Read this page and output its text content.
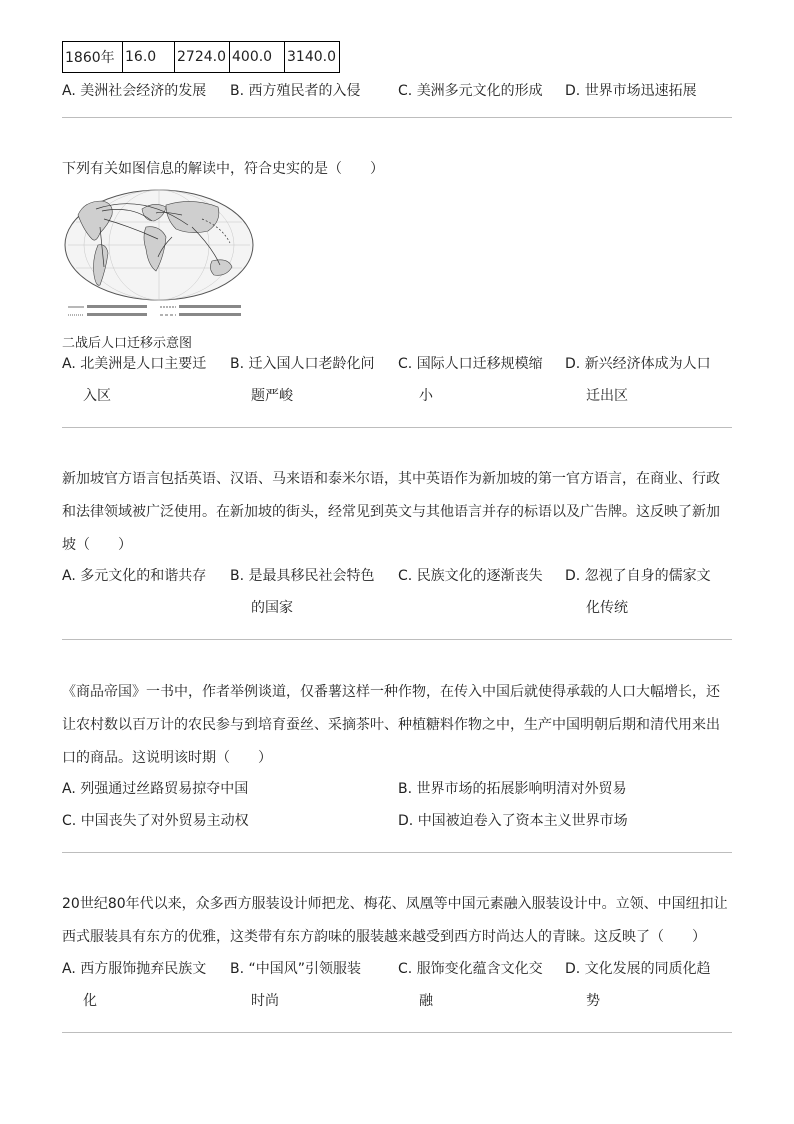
1860年	16.0	2724.0	400.0	3140.0
A. 美洲社会经济的发展 B. 西方殖民者的入侵	C. 美洲多元文化的形成 D. 世界市场迅速拓展
下列有关如图信息的解读中，符合史实的是（　　）
二战后人口迁移示意图
A. 北美洲是人口主要迁
入区
B. 迁入国人口老龄化问
题严峻
C. 国际人口迁移规模缩
小
D. 新兴经济体成为人口
迁出区
新加坡官方语言包括英语、汉语、马来语和泰米尔语，其中英语作为新加坡的第一官方语言，在商业、行政
和法律领域被广泛使用。在新加坡的街头，经常见到英文与其他语言并存的标语以及广告牌。这反映了新加
坡（　　）
A. 多元文化的和谐共存 B. 是最具移民社会特色
的国家
C. 民族文化的逐渐丧失 D. 忽视了自身的儒家文
化传统
《商品帝国》一书中，作者举例谈道，仅番薯这样一种作物，在传入中国后就使得承载的人口大幅增长，还
让农村数以百万计的农民参与到培育蚕丝、采摘茶叶、种植糖料作物之中，生产中国明朝后期和清代用来出
口的商品。这说明该时期（　　）
A. 列强通过丝路贸易掠夺中国	B. 世界市场的拓展影响明清对外贸易
C. 中国丧失了对外贸易主动权	D. 中国被迫卷入了资本主义世界市场
20世纪80年代以来，众多西方服装设计师把龙、梅花、凤凰等中国元素融入服装设计中。立领、中国纽扣让
西式服装具有东方的优雅，这类带有东方韵味的服装越来越受到西方时尚达人的青睐。这反映了（　　）
A. 西方服饰抛弃民族文
化
B. “中国风”引领服装
时尚
C. 服饰变化蕴含文化交
融
D. 文化发展的同质化趋
势
